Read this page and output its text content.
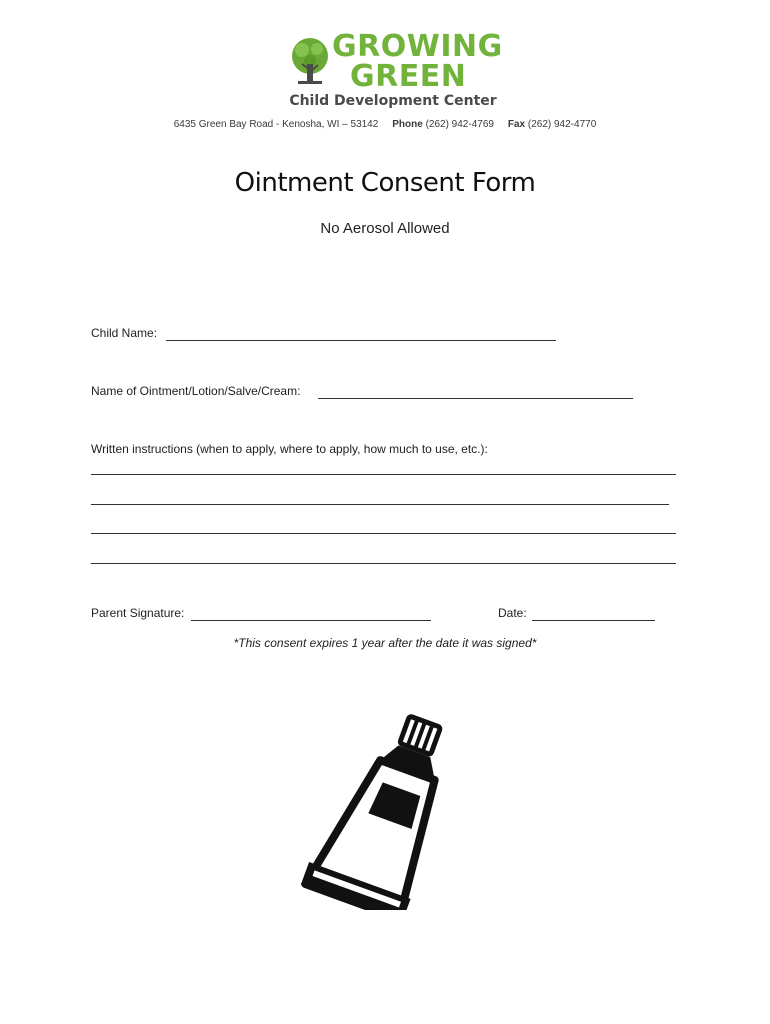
GROWING
GREEN
Child Development Center
6435 Green Bay Road - Kenosha, WI – 53142 Phone (262) 942-4769 Fax (262) 942-4770
Ointment Consent Form
No Aerosol Allowed
Child Name:
Name of Ointment/Lotion/Salve/Cream:
Written instructions (when to apply, where to apply, how much to use, etc.):
Parent Signature:	Date:
*This consent expires 1 year after the date it was signed*
